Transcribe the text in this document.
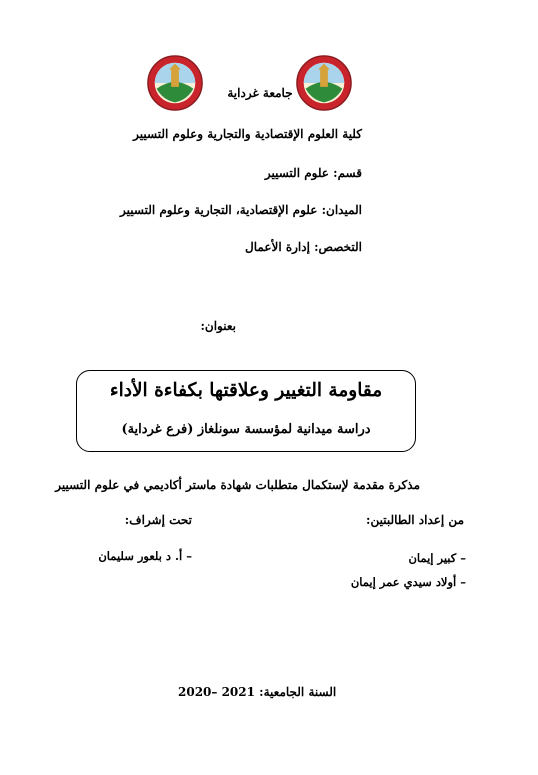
جامعة غرداية
كلية العلوم الإقتصادية والتجارية وعلوم التسيير
قسم: علوم التسيير
الميدان: علوم الإقتصادية، التجارية وعلوم التسيير
التخصص: إدارة الأعمال
بعنوان:
مقاومة التغيير وعلاقتها بكفاءة الأداء
دراسة ميدانية لمؤسسة سونلغاز (فرع غرداية)
مذكرة مقدمة لإستكمال متطلبات شهادة ماستر أكاديمي في علوم التسيير
من إعداد الطالبتين:
تحت إشراف:
– كبير إيمان
– أولاد سيدي عمر إيمان
– أ. د بلعور سليمان
السنة الجامعية: 2020– 2021
